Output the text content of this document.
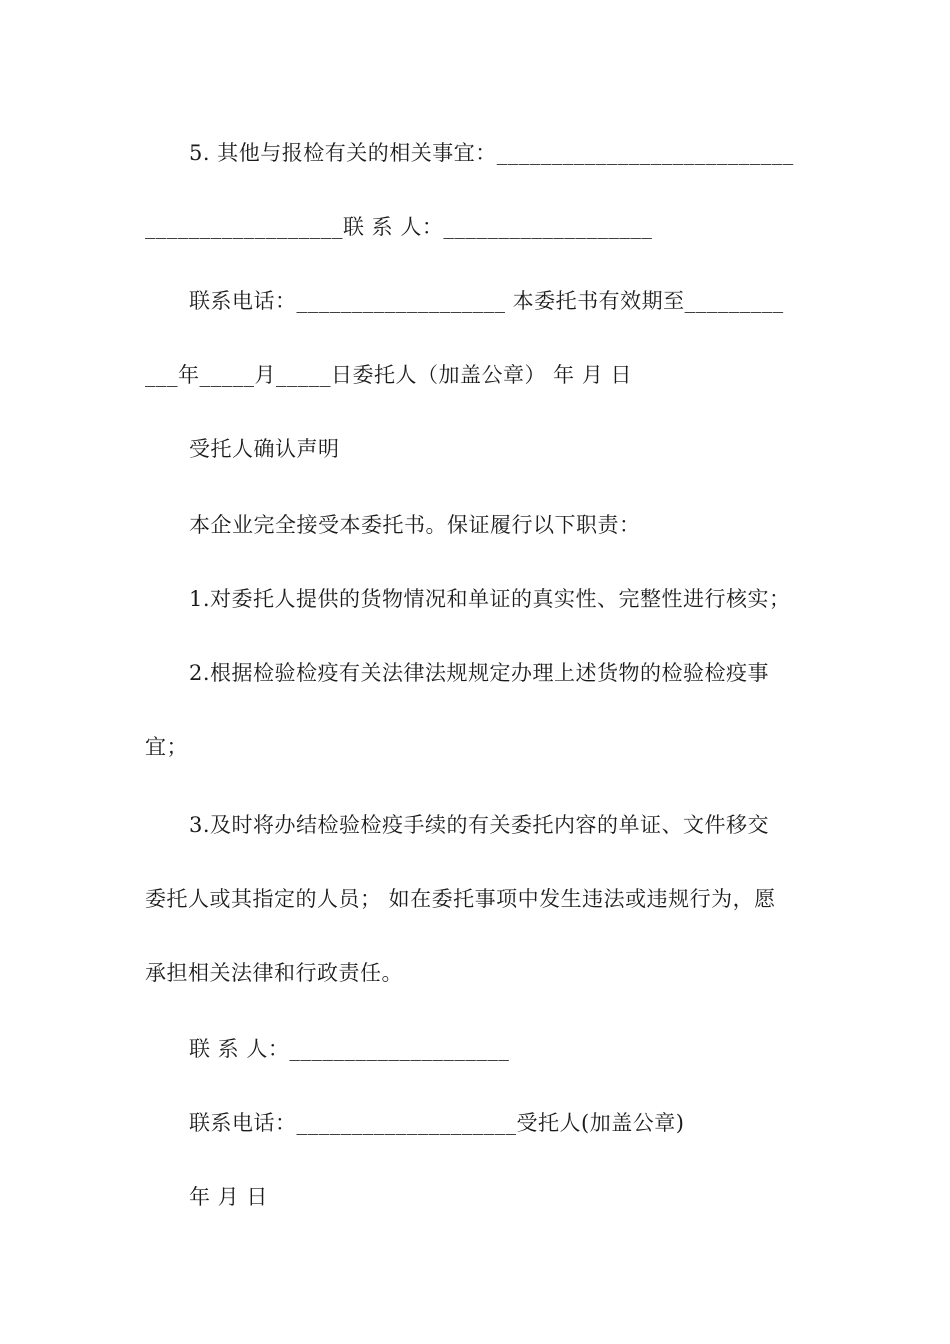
5. 其他与报检有关的相关事宜：___________________________
__________________联 系 人：___________________
联系电话：___________________ 本委托书有效期至_________
___年_____月_____日委托人（加盖公章） 年 月 日
受托人确认声明
本企业完全接受本委托书。保证履行以下职责：
1.对委托人提供的货物情况和单证的真实性、完整性进行核实；
2.根据检验检疫有关法律法规规定办理上述货物的检验检疫事
宜；
3.及时将办结检验检疫手续的有关委托内容的单证、文件移交
委托人或其指定的人员； 如在委托事项中发生违法或违规行为，愿
承担相关法律和行政责任。
联 系 人：____________________
联系电话：____________________受托人(加盖公章)
年 月 日
